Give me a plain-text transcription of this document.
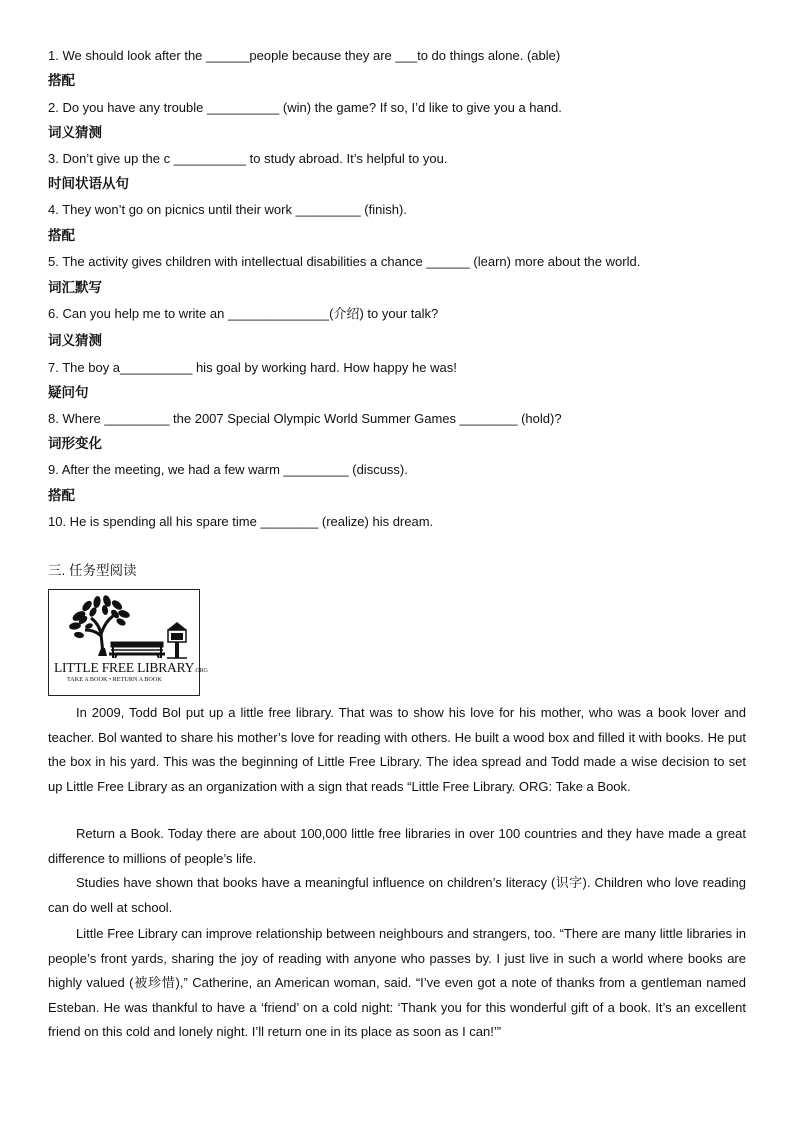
1. We should look after the ______people because they are ___to do things alone. (able)
搭配
2. Do you have any trouble __________ (win) the game? If so, I’d like to give you a hand.
词义猜测
3. Don’t give up the c __________ to study abroad. It’s helpful to you.
时间状语从句
4. They won’t go on picnics until their work _________ (finish).
搭配
5. The activity gives children with intellectual disabilities a chance ______ (learn) more about the world.
词汇默写
6. Can you help me to write an ______________(介绍) to your talk?
词义猜测
7. The boy a__________ his goal by working hard. How happy he was!
疑问句
8. Where _________ the 2007 Special Olympic World Summer Games ________ (hold)?
词形变化
9. After the meeting, we had a few warm _________ (discuss).
搭配
10. He is spending all his spare time ________ (realize) his dream.
三. 任务型阅读
LITTLE FREE LIBRARY.ORG
TAKE A BOOK • RETURN A BOOK

In 2009, Todd Bol put up a little free library. That was to show his love for his mother, who was a book lover and teacher. Bol wanted to share his mother’s love for reading with others. He built a wood box and filled it with books. He put the box in his yard. This was the beginning of Little Free Library. The idea spread and Todd made a wise decision to set up Little Free Library as an organization with a sign that reads “Little Free Library. ORG: Take a Book.

Return a Book. Today there are about 100,000 little free libraries in over 100 countries and they have made a great difference to millions of people’s life.

Studies have shown that books have a meaningful influence on children’s literacy (识字). Children who love reading can do well at school.

Little Free Library can improve relationship between neighbours and strangers, too. “There are many little libraries in people’s front yards, sharing the joy of reading with anyone who passes by. I just live in such a world where books are highly valued (被珍惜),” Catherine, an American woman, said. “I’ve even got a note of thanks from a gentleman named Esteban. He was thankful to have a ‘friend’ on a cold night: ‘Thank you for this wonderful gift of a book. It’s an excellent friend on this cold and lonely night. I’ll return one in its place as soon as I can!’”
